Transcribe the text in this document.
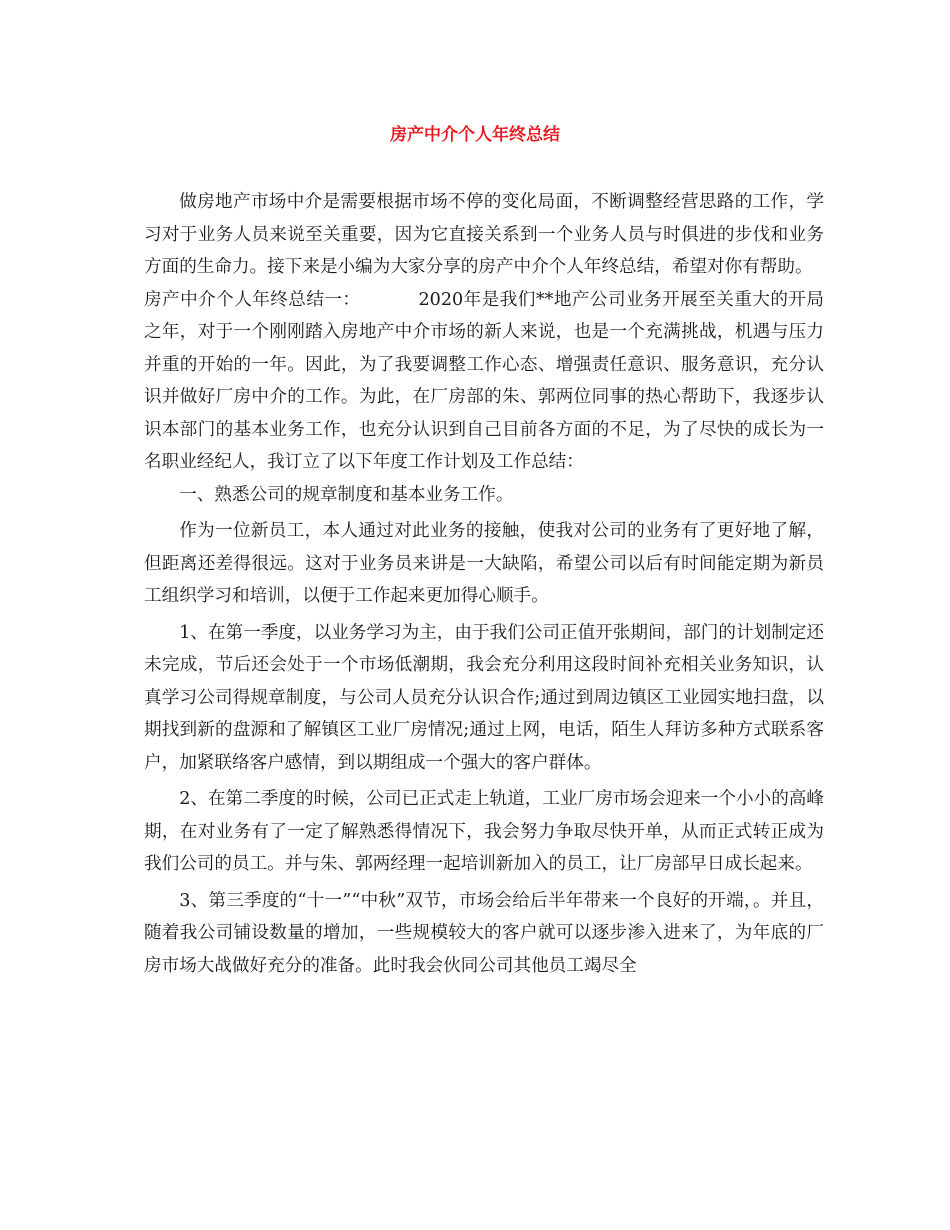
房产中介个人年终总结

做房地产市场中介是需要根据市场不停的变化局面，不断调整经营思路的工作，学习对于业务人员来说至关重要，因为它直接关系到一个业务人员与时俱进的步伐和业务方面的生命力。接下来是小编为大家分享的房产中介个人年终总结，希望对你有帮助。

房产中介个人年终总结一：	2020年是我们**地产公司业务开展至关重大的开局之年，对于一个刚刚踏入房地产中介市场的新人来说，也是一个充满挑战，机遇与压力并重的开始的一年。因此，为了我要调整工作心态、增强责任意识、服务意识，充分认识并做好厂房中介的工作。为此，在厂房部的朱、郭两位同事的热心帮助下，我逐步认识本部门的基本业务工作，也充分认识到自己目前各方面的不足，为了尽快的成长为一名职业经纪人，我订立了以下年度工作计划及工作总结：

一、熟悉公司的规章制度和基本业务工作。

作为一位新员工，本人通过对此业务的接触，使我对公司的业务有了更好地了解，但距离还差得很远。这对于业务员来讲是一大缺陷，希望公司以后有时间能定期为新员工组织学习和培训，以便于工作起来更加得心顺手。

1、在第一季度，以业务学习为主，由于我们公司正值开张期间，部门的计划制定还未完成，节后还会处于一个市场低潮期，我会充分利用这段时间补充相关业务知识，认真学习公司得规章制度，与公司人员充分认识合作;通过到周边镇区工业园实地扫盘，以期找到新的盘源和了解镇区工业厂房情况;通过上网，电话，陌生人拜访多种方式联系客户，加紧联络客户感情，到以期组成一个强大的客户群体。

2、在第二季度的时候，公司已正式走上轨道，工业厂房市场会迎来一个小小的高峰期，在对业务有了一定了解熟悉得情况下，我会努力争取尽快开单，从而正式转正成为我们公司的员工。并与朱、郭两经理一起培训新加入的员工，让厂房部早日成长起来。

3、第三季度的“十一”“中秋”双节，市场会给后半年带来一个良好的开端，。并且，随着我公司铺设数量的增加，一些规模较大的客户就可以逐步渗入进来了，为年底的厂房市场大战做好充分的准备。此时我会伙同公司其他员工竭尽全
